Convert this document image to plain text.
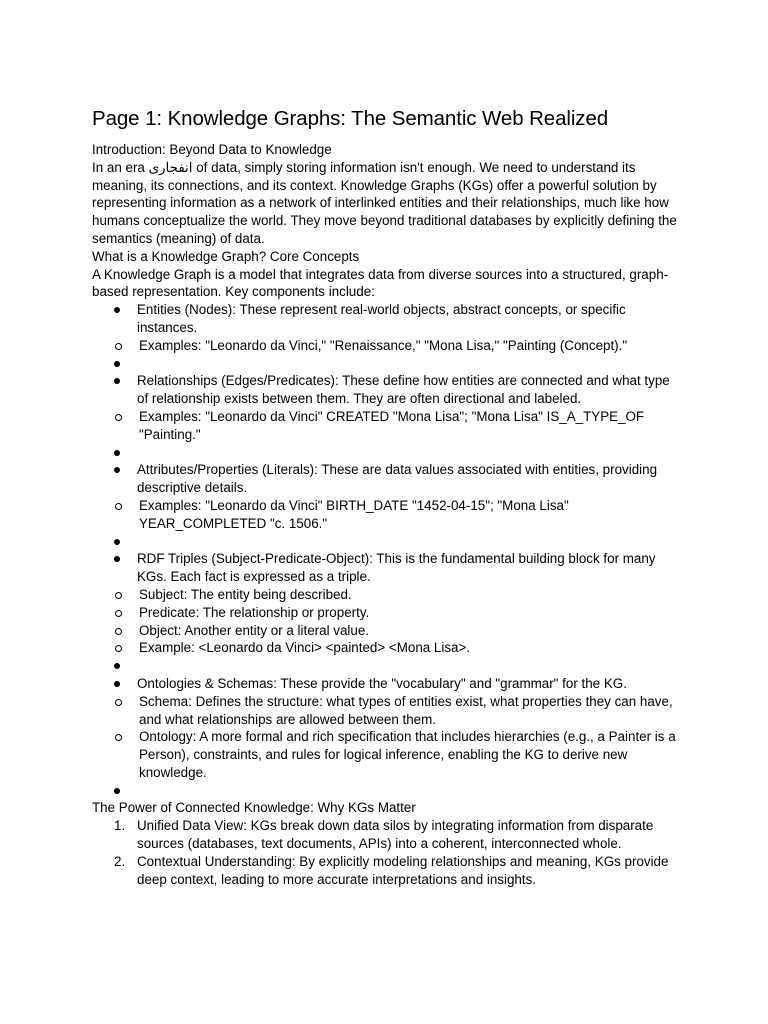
Page 1: Knowledge Graphs: The Semantic Web Realized

Introduction: Beyond Data to Knowledge

In an era انفجاری of data, simply storing information isn't enough. We need to understand its meaning, its connections, and its context. Knowledge Graphs (KGs) offer a powerful solution by representing information as a network of interlinked entities and their relationships, much like how humans conceptualize the world. They move beyond traditional databases by explicitly defining the semantics (meaning) of data.

What is a Knowledge Graph? Core Concepts

A Knowledge Graph is a model that integrates data from diverse sources into a structured, graph-based representation. Key components include:

Entities (Nodes): These represent real-world objects, abstract concepts, or specific instances.
Examples: "Leonardo da Vinci," "Renaissance," "Mona Lisa," "Painting (Concept)."
Relationships (Edges/Predicates): These define how entities are connected and what type of relationship exists between them. They are often directional and labeled.
Examples: "Leonardo da Vinci" CREATED "Mona Lisa"; "Mona Lisa" IS_A_TYPE_OF "Painting."
Attributes/Properties (Literals): These are data values associated with entities, providing descriptive details.
Examples: "Leonardo da Vinci" BIRTH_DATE "1452-04-15"; "Mona Lisa" YEAR_COMPLETED "c. 1506."
RDF Triples (Subject-Predicate-Object): This is the fundamental building block for many KGs. Each fact is expressed as a triple.
Subject: The entity being described.
Predicate: The relationship or property.
Object: Another entity or a literal value.
Example: <Leonardo da Vinci> <painted> <Mona Lisa>.
Ontologies & Schemas: These provide the "vocabulary" and "grammar" for the KG.
Schema: Defines the structure: what types of entities exist, what properties they can have, and what relationships are allowed between them.
Ontology: A more formal and rich specification that includes hierarchies (e.g., a Painter is a Person), constraints, and rules for logical inference, enabling the KG to derive new knowledge.

The Power of Connected Knowledge: Why KGs Matter

1. Unified Data View: KGs break down data silos by integrating information from disparate sources (databases, text documents, APIs) into a coherent, interconnected whole.
2. Contextual Understanding: By explicitly modeling relationships and meaning, KGs provide deep context, leading to more accurate interpretations and insights.
